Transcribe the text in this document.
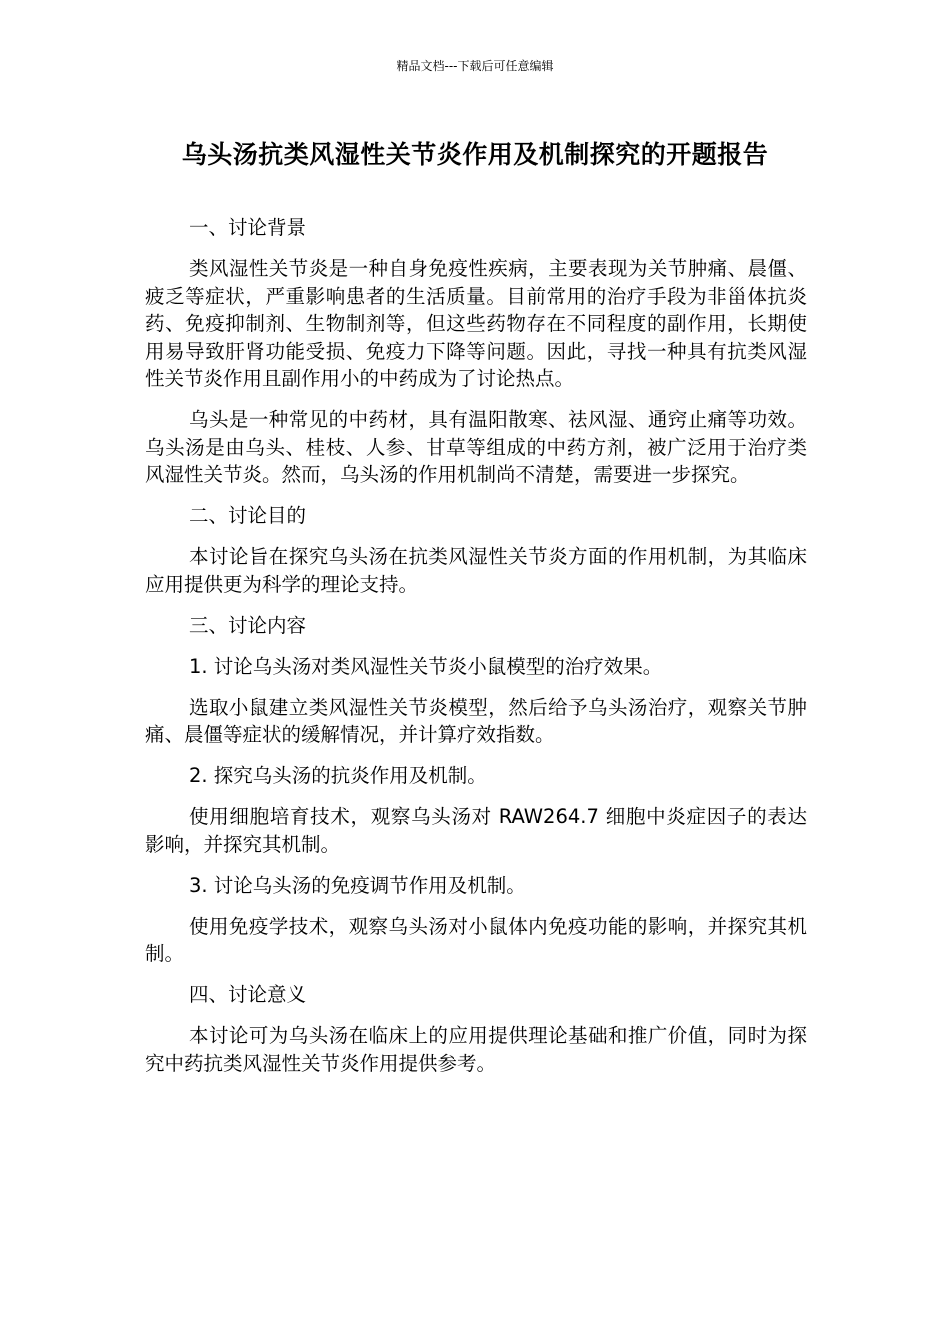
精品文档---下载后可任意编辑
乌头汤抗类风湿性关节炎作用及机制探究的开题报告

一、讨论背景

类风湿性关节炎是一种自身免疫性疾病，主要表现为关节肿痛、晨僵、疲乏等症状，严重影响患者的生活质量。目前常用的治疗手段为非甾体抗炎药、免疫抑制剂、生物制剂等，但这些药物存在不同程度的副作用，长期使用易导致肝肾功能受损、免疫力下降等问题。因此，寻找一种具有抗类风湿性关节炎作用且副作用小的中药成为了讨论热点。

乌头是一种常见的中药材，具有温阳散寒、祛风湿、通窍止痛等功效。乌头汤是由乌头、桂枝、人参、甘草等组成的中药方剂，被广泛用于治疗类风湿性关节炎。然而，乌头汤的作用机制尚不清楚，需要进一步探究。

二、讨论目的

本讨论旨在探究乌头汤在抗类风湿性关节炎方面的作用机制，为其临床应用提供更为科学的理论支持。

三、讨论内容

1. 讨论乌头汤对类风湿性关节炎小鼠模型的治疗效果。

选取小鼠建立类风湿性关节炎模型，然后给予乌头汤治疗，观察关节肿痛、晨僵等症状的缓解情况，并计算疗效指数。

2. 探究乌头汤的抗炎作用及机制。

使用细胞培育技术，观察乌头汤对 RAW264.7 细胞中炎症因子的表达影响，并探究其机制。

3. 讨论乌头汤的免疫调节作用及机制。

使用免疫学技术，观察乌头汤对小鼠体内免疫功能的影响，并探究其机制。

四、讨论意义

本讨论可为乌头汤在临床上的应用提供理论基础和推广价值，同时为探究中药抗类风湿性关节炎作用提供参考。
